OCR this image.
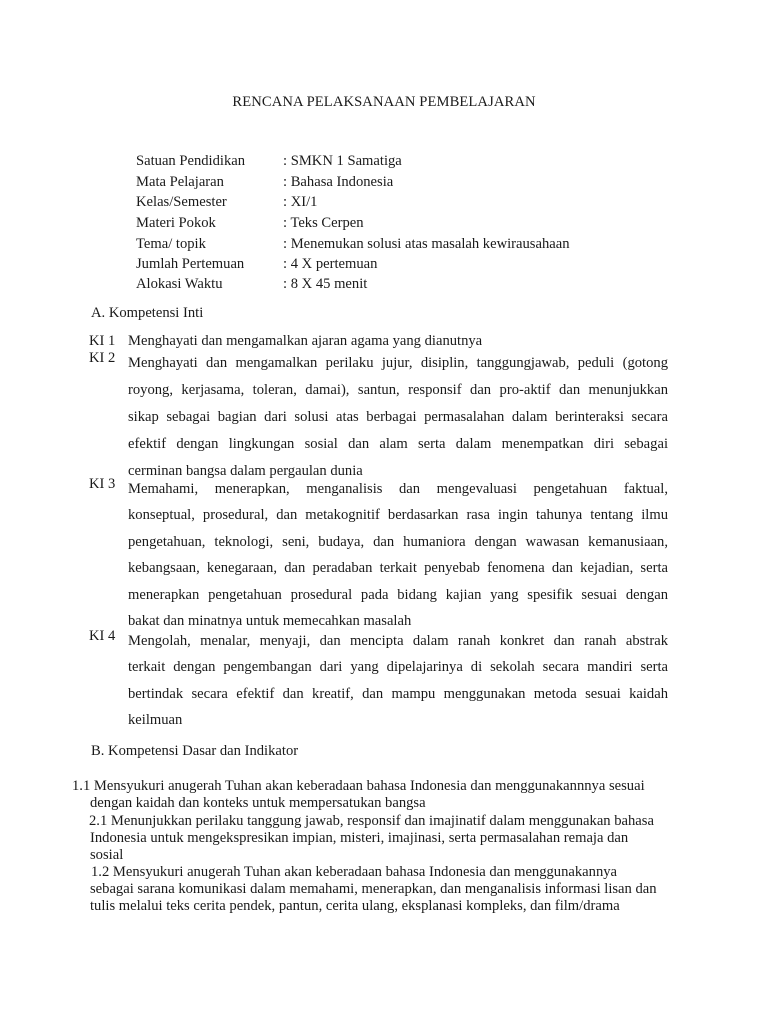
RENCANA PELAKSANAAN PEMBELAJARAN
Satuan Pendidikan	: SMKN 1 Samatiga
Mata Pelajaran	: Bahasa Indonesia
Kelas/Semester	: XI/1
Materi Pokok	: Teks Cerpen
Tema/ topik	: Menemukan solusi atas masalah kewirausahaan
Jumlah Pertemuan	: 4 X pertemuan
Alokasi Waktu	: 8 X 45 menit
A. Kompetensi Inti
KI 1 Menghayati dan mengamalkan ajaran agama yang dianutnya
KI 2 Menghayati dan mengamalkan perilaku jujur, disiplin, tanggungjawab, peduli (gotong
royong, kerjasama, toleran, damai), santun, responsif dan pro-aktif dan menunjukkan
sikap sebagai bagian dari solusi atas berbagai permasalahan dalam berinteraksi secara
efektif dengan lingkungan sosial dan alam serta dalam menempatkan diri sebagai
cerminan bangsa dalam pergaulan dunia
KI 3 Memahami, menerapkan, menganalisis dan mengevaluasi pengetahuan faktual,
konseptual, prosedural, dan metakognitif berdasarkan rasa ingin tahunya tentang ilmu
pengetahuan, teknologi, seni, budaya, dan humaniora dengan wawasan kemanusiaan,
kebangsaan, kenegaraan, dan peradaban terkait penyebab fenomena dan kejadian, serta
menerapkan pengetahuan prosedural pada bidang kajian yang spesifik sesuai dengan
bakat dan minatnya untuk memecahkan masalah
KI 4 Mengolah, menalar, menyaji, dan mencipta dalam ranah konkret dan ranah abstrak
terkait dengan pengembangan dari yang dipelajarinya di sekolah secara mandiri serta
bertindak secara efektif dan kreatif, dan mampu menggunakan metoda sesuai kaidah
keilmuan
B. Kompetensi Dasar dan Indikator
1.1 Mensyukuri anugerah Tuhan akan keberadaan bahasa Indonesia dan menggunakannnya sesuai
dengan kaidah dan konteks untuk mempersatukan bangsa
2.1 Menunjukkan perilaku tanggung jawab, responsif dan imajinatif dalam menggunakan bahasa
Indonesia untuk mengekspresikan impian, misteri, imajinasi, serta permasalahan remaja dan
sosial
1.2 Mensyukuri anugerah Tuhan akan keberadaan bahasa Indonesia dan menggunakannya
sebagai sarana komunikasi dalam memahami, menerapkan, dan menganalisis informasi lisan dan
tulis melalui teks cerita pendek, pantun, cerita ulang, eksplanasi kompleks, dan film/drama
